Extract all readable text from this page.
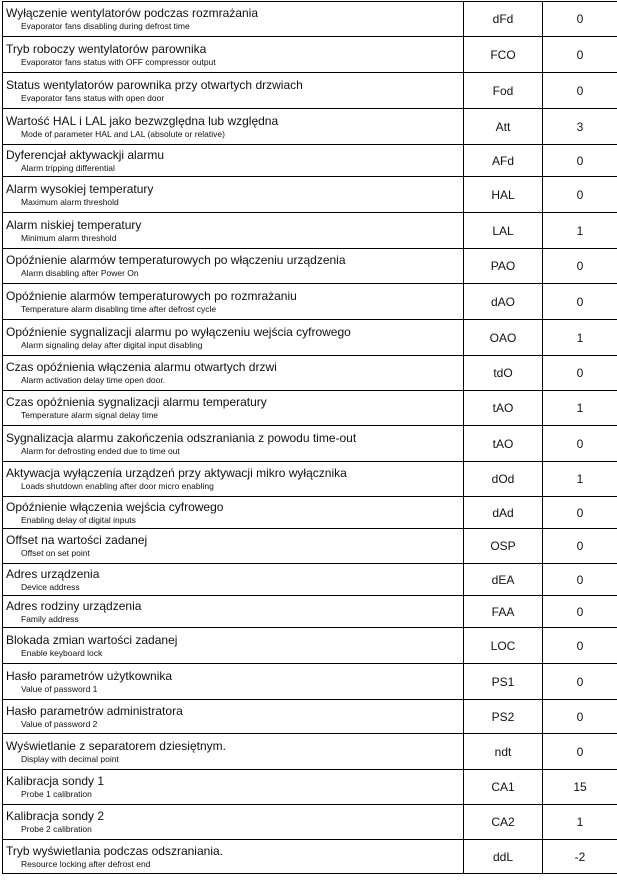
Wyłączenie wentylatorów podczas rozmrażania
Evaporator fans disabling during defrost time	dFd	0

Tryb roboczy wentylatorów parownika
Evaporator fans status with OFF compressor output	FCO	0

Status wentylatorów parownika przy otwartych drzwiach
Evaporator fans status with open door	Fod	0

Wartość HAL i LAL jako bezwzględna lub względna
Mode of parameter HAL and LAL (absolute or relative)	Att	3

Dyferencjał aktywackji alarmu
Alarm tripping differential	AFd	0

Alarm wysokiej temperatury
Maximum alarm threshold	HAL	0

Alarm niskiej temperatury
Minimum alarm threshold	LAL	1

Opóźnienie alarmów temperaturowych po włączeniu urządzenia
Alarm disabling after Power On	PAO	0

Opóźnienie alarmów temperaturowych po rozmrażaniu
Temperature alarm disabling time after defrost cycle	dAO	0

Opóźnienie sygnalizacji alarmu po wyłączeniu wejścia cyfrowego
Alarm signaling delay after digital input disabling	OAO	1

Czas opóźnienia włączenia alarmu otwartych drzwi
Alarm activation delay time open door.	tdO	0

Czas opóźnienia sygnalizacji alarmu temperatury
Temperature alarm signal delay time	tAO	1

Sygnalizacja alarmu zakończenia odszraniania z powodu time-out
Alarm for defrosting ended due to time out	tAO	0

Aktywacja wyłączenia urządzeń przy aktywacji mikro wyłącznika
Loads shutdown enabling after door micro enabling	dOd	1

Opóźnienie włączenia wejścia cyfrowego
Enabling delay of digital inputs	dAd	0

Offset na wartości zadanej
Offset on set point	OSP	0

Adres urządzenia
Device address	dEA	0

Adres rodziny urządzenia
Family address	FAA	0

Blokada zmian wartości zadanej
Enable keyboard lock	LOC	0

Hasło parametrów użytkownika
Value of password 1	PS1	0

Hasło parametrów administratora
Value of password 2	PS2	0

Wyświetlanie z separatorem dziesiętnym.
Display with decimal point	ndt	0

Kalibracja sondy 1
Probe 1 calibration	CA1	15

Kalibracja sondy 2
Probe 2 calibration	CA2	1

Tryb wyświetlania podczas odszraniania.
Resource locking after defrost end	ddL	-2
